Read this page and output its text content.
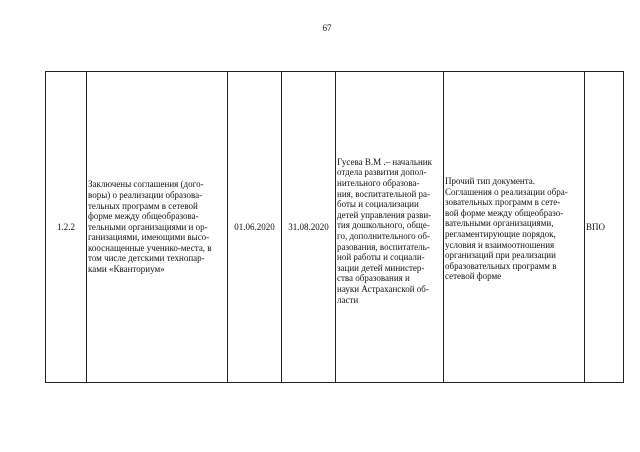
67
1.2.2

Заключены соглашения (дого-
воры) о реализации образова-
тельных программ в сетевой
форме между общеобразова-
тельными организациями и ор-
ганизациями, имеющими высо-
кооснащенные ученико-места, в
том числе детскими технопар-
ками «Кванториум»

01.06.2020	31.08.2020

Гусева В.М .– начальник
отдела развития допол-
нительного образова-
ния, воспитательной ра-
боты и социализации
детей управления разви-
тия дошкольного, обще-
го, дополнительного об-
разования, воспитатель-
ной работы и социали-
зации детей министер-
ства образования и
науки Астраханской об-
ласти

Прочий тип документа.
Соглашения о реализации обра-
зовательных программ в сете-
вой форме между общеобразо-
вательными организациями,
регламентирующие порядок,
условия и взаимоотношения
организаций при реализации
образовательных программ в
сетевой форме

ВПО
